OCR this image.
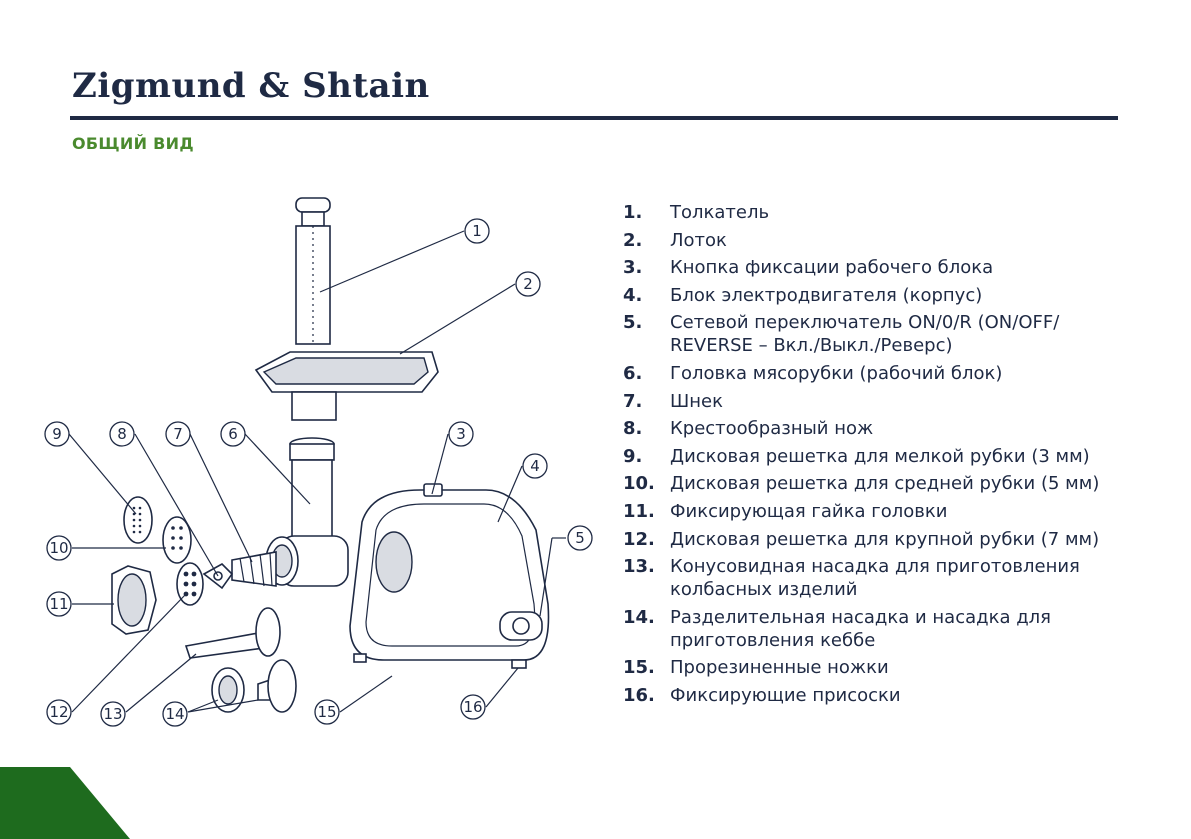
Zigmund & Shtain
ОБЩИЙ ВИД
1
2
3
4
5
6
7
8
9
10
11
12 13	14	15	16
1.	Толкатель
2.	Лоток
3.	Кнопка фиксации рабочего блока
4.	Блок электродвигателя (корпус)
5.	Сетевой переключатель ON/0/R (ON/OFF/ REVERSE – Вкл./Выкл./Реверс)
6.	Головка мясорубки (рабочий блок)
7.	Шнек
8.	Крестообразный нож
9.	Дисковая решетка для мелкой рубки (3 мм)
10. Дисковая решетка для средней рубки (5 мм)
11. Фиксирующая гайка головки
12. Дисковая решетка для крупной рубки (7 мм)
13. Конусовидная насадка для приготовления колбасных изделий
14. Разделительная насадка и насадка для приготовления кеббе
15. Прорезиненные ножки
16. Фиксирующие присоски
